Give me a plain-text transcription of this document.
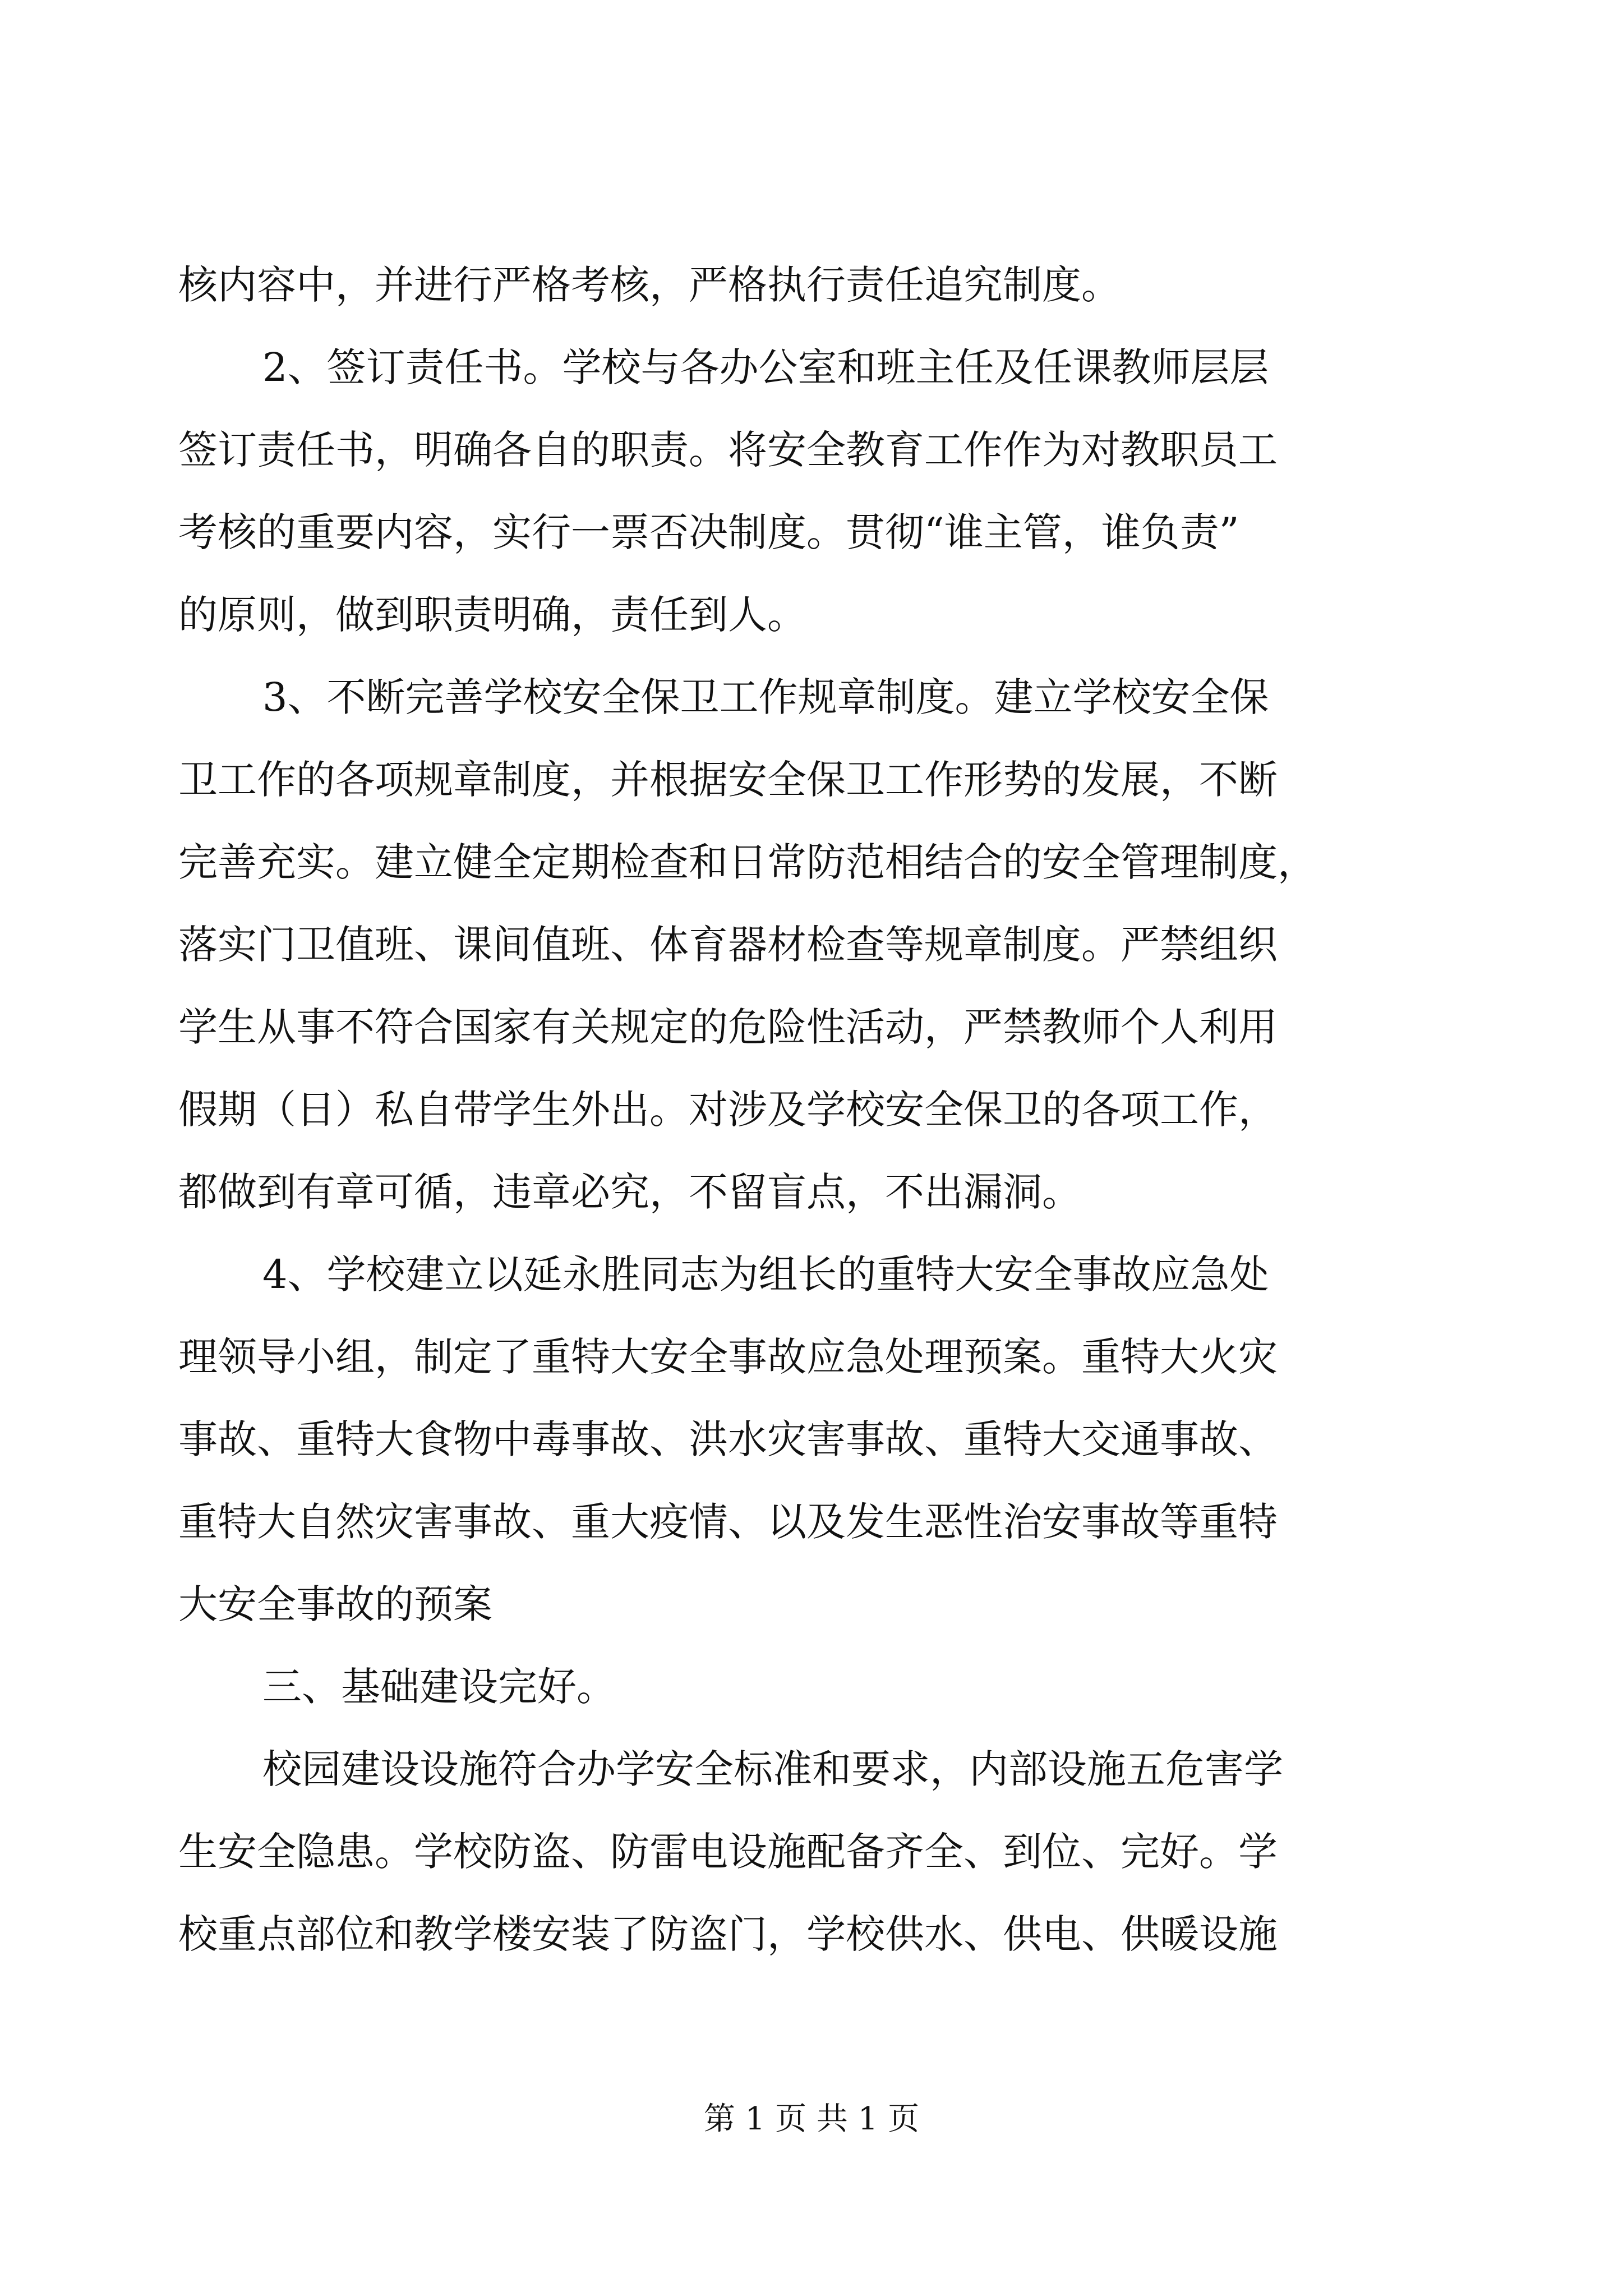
核内容中，并进行严格考核，严格执行责任追究制度。
2、签订责任书。学校与各办公室和班主任及任课教师层层
签订责任书，明确各自的职责。将安全教育工作作为对教职员工
考核的重要内容，实行一票否决制度。贯彻“谁主管，谁负责”
的原则，做到职责明确，责任到人。
3、不断完善学校安全保卫工作规章制度。建立学校安全保
卫工作的各项规章制度，并根据安全保卫工作形势的发展，不断
完善充实。建立健全定期检查和日常防范相结合的安全管理制度，
落实门卫值班、课间值班、体育器材检查等规章制度。严禁组织
学生从事不符合国家有关规定的危险性活动，严禁教师个人利用
假期（日）私自带学生外出。对涉及学校安全保卫的各项工作，
都做到有章可循，违章必究，不留盲点，不出漏洞。
4、学校建立以延永胜同志为组长的重特大安全事故应急处
理领导小组，制定了重特大安全事故应急处理预案。重特大火灾
事故、重特大食物中毒事故、洪水灾害事故、重特大交通事故、
重特大自然灾害事故、重大疫情、以及发生恶性治安事故等重特
大安全事故的预案
三、基础建设完好。
校园建设设施符合办学安全标准和要求，内部设施五危害学
生安全隐患。学校防盗、防雷电设施配备齐全、到位、完好。学
校重点部位和教学楼安装了防盗门，学校供水、供电、供暖设施
第 1 页 共 1 页
